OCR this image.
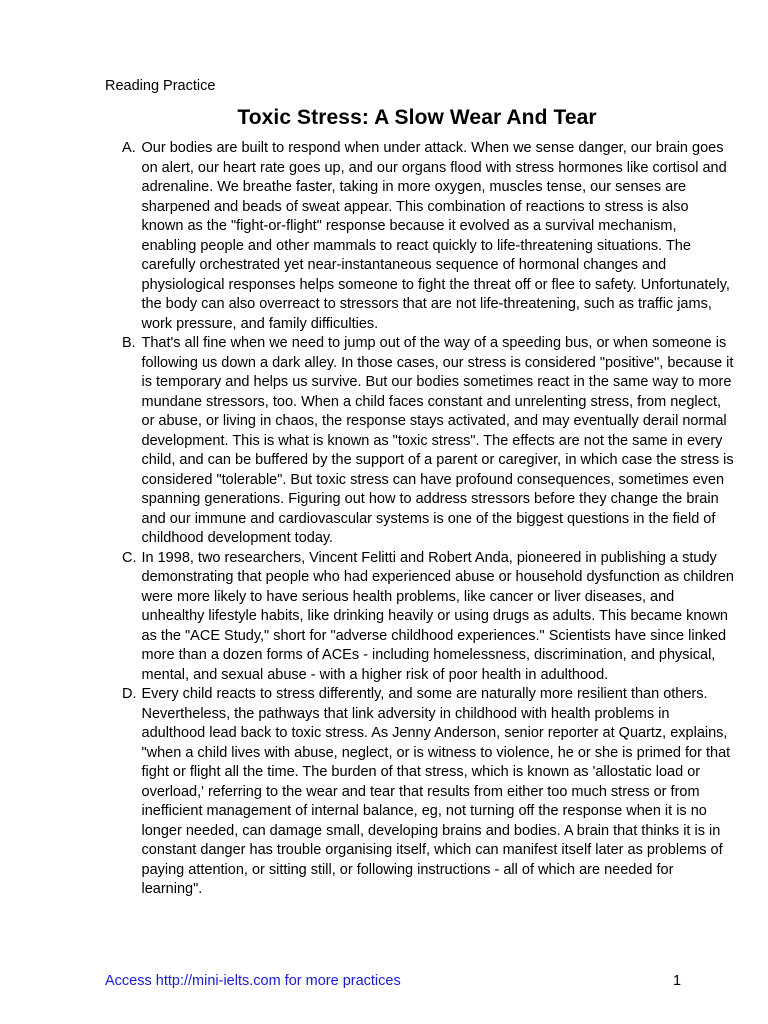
Reading Practice
Toxic Stress: A Slow Wear And Tear
A. Our bodies are built to respond when under attack. When we sense danger, our brain goes on alert, our heart rate goes up, and our organs flood with stress hormones like cortisol and adrenaline. We breathe faster, taking in more oxygen, muscles tense, our senses are sharpened and beads of sweat appear. This combination of reactions to stress is also known as the "fight-or-flight" response because it evolved as a survival mechanism, enabling people and other mammals to react quickly to life-threatening situations. The carefully orchestrated yet near-instantaneous sequence of hormonal changes and physiological responses helps someone to fight the threat off or flee to safety. Unfortunately, the body can also overreact to stressors that are not life-threatening, such as traffic jams, work pressure, and family difficulties.
B. That's all fine when we need to jump out of the way of a speeding bus, or when someone is following us down a dark alley. In those cases, our stress is considered "positive", because it is temporary and helps us survive. But our bodies sometimes react in the same way to more mundane stressors, too. When a child faces constant and unrelenting stress, from neglect, or abuse, or living in chaos, the response stays activated, and may eventually derail normal development. This is what is known as "toxic stress". The effects are not the same in every child, and can be buffered by the support of a parent or caregiver, in which case the stress is considered "tolerable". But toxic stress can have profound consequences, sometimes even spanning generations. Figuring out how to address stressors before they change the brain and our immune and cardiovascular systems is one of the biggest questions in the field of childhood development today.
C. In 1998, two researchers, Vincent Felitti and Robert Anda, pioneered in publishing a study demonstrating that people who had experienced abuse or household dysfunction as children were more likely to have serious health problems, like cancer or liver diseases, and unhealthy lifestyle habits, like drinking heavily or using drugs as adults. This became known as the "ACE Study," short for "adverse childhood experiences." Scientists have since linked more than a dozen forms of ACEs - including homelessness, discrimination, and physical, mental, and sexual abuse - with a higher risk of poor health in adulthood.
D. Every child reacts to stress differently, and some are naturally more resilient than others. Nevertheless, the pathways that link adversity in childhood with health problems in adulthood lead back to toxic stress. As Jenny Anderson, senior reporter at Quartz, explains, "when a child lives with abuse, neglect, or is witness to violence, he or she is primed for that fight or flight all the time. The burden of that stress, which is known as 'allostatic load or overload,' referring to the wear and tear that results from either too much stress or from inefficient management of internal balance, eg, not turning off the response when it is no longer needed, can damage small, developing brains and bodies. A brain that thinks it is in constant danger has trouble organising itself, which can manifest itself later as problems of paying attention, or sitting still, or following instructions - all of which are needed for learning".
Access http://mini-ielts.com for more practices	1
